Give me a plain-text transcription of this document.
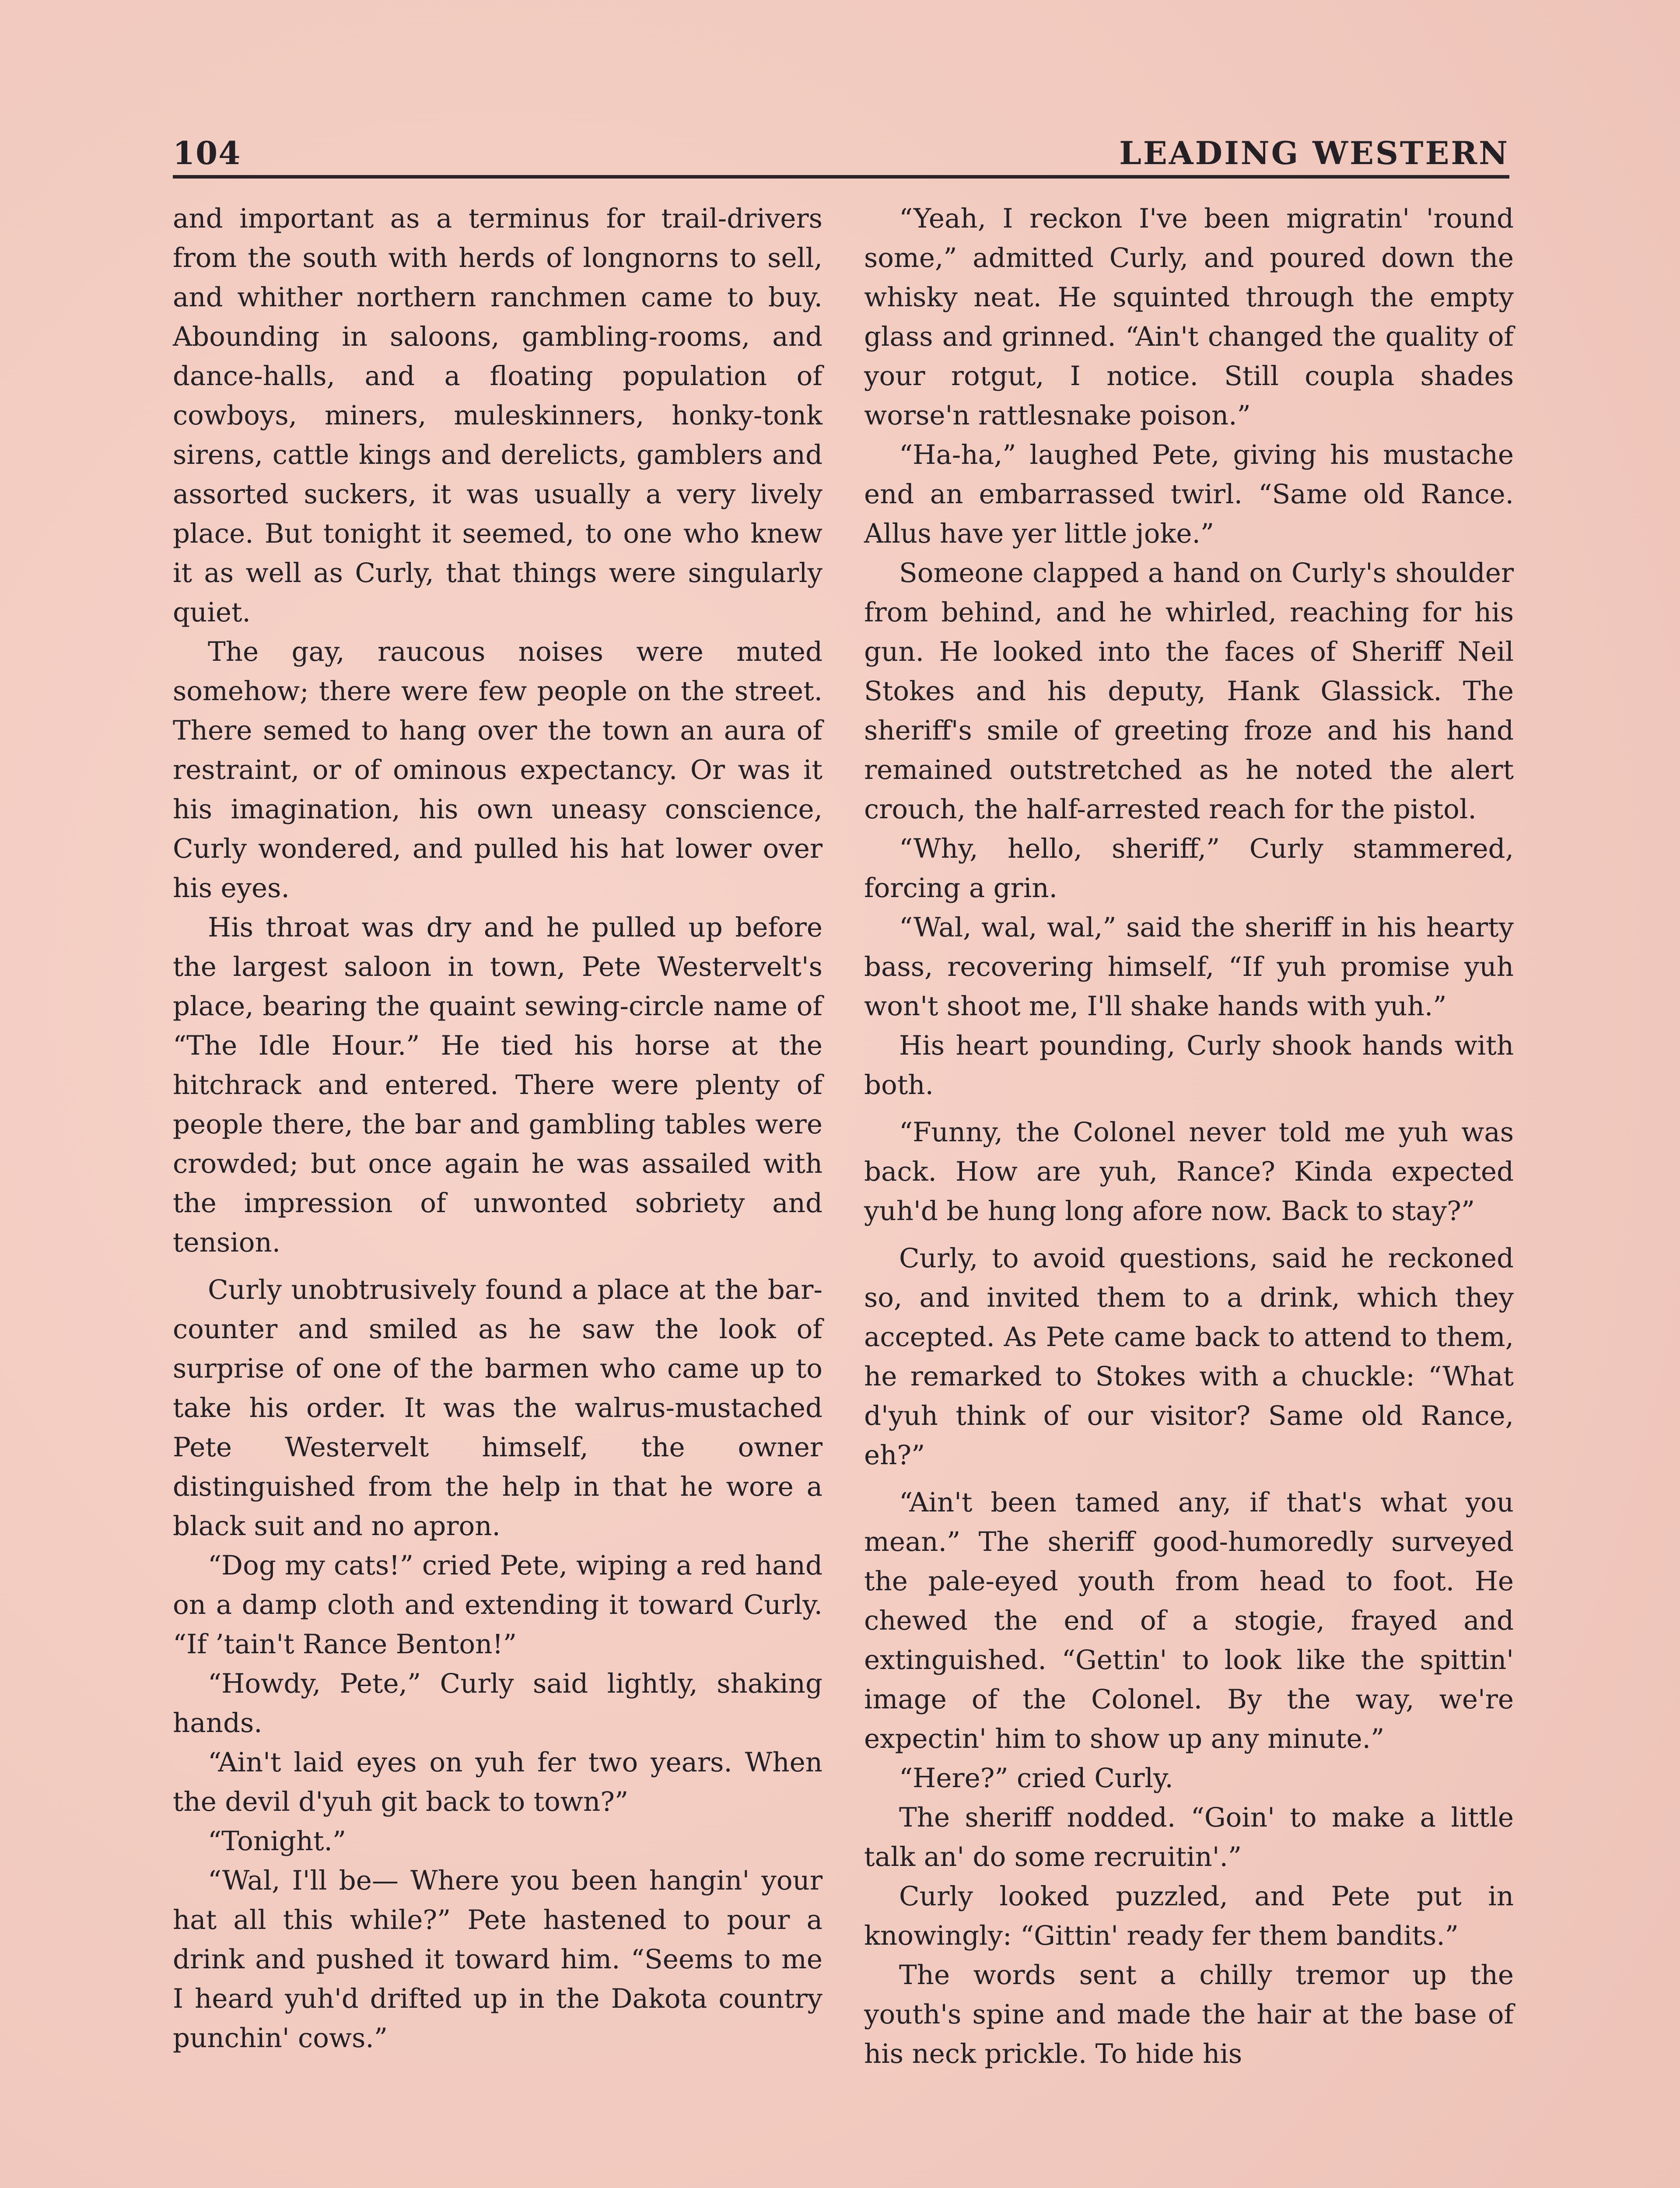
104	LEADING WESTERN

and important as a terminus for trail-drivers from the south with herds of longnorns to sell, and whither northern ranchmen came to buy. Abounding in saloons, gambling-rooms, and dance-halls, and a floating population of cowboys, miners, muleskinners, honky-tonk sirens, cattle kings and derelicts, gamblers and assorted suckers, it was usually a very lively place. But tonight it seemed, to one who knew it as well as Curly, that things were singularly quiet.

The gay, raucous noises were muted somehow; there were few people on the street. There semed to hang over the town an aura of restraint, or of ominous expectancy. Or was it his imagination, his own uneasy conscience, Curly wondered, and pulled his hat lower over his eyes.

His throat was dry and he pulled up before the largest saloon in town, Pete Westervelt's place, bearing the quaint sewing-circle name of “The Idle Hour.” He tied his horse at the hitchrack and entered. There were plenty of people there, the bar and gambling tables were crowded; but once again he was assailed with the impression of unwonted sobriety and tension.

Curly unobtrusively found a place at the bar-counter and smiled as he saw the look of surprise of one of the barmen who came up to take his order. It was the walrus-mustached Pete Westervelt himself, the owner distinguished from the help in that he wore a black suit and no apron.

“Dog my cats!” cried Pete, wiping a red hand on a damp cloth and extending it toward Curly. “If ’tain't Rance Benton!”

“Howdy, Pete,” Curly said lightly, shaking hands.

“Ain't laid eyes on yuh fer two years. When the devil d'yuh git back to town?”

“Tonight.”

“Wal, I'll be— Where you been hangin' your hat all this while?” Pete hastened to pour a drink and pushed it toward him. “Seems to me I heard yuh'd drifted up in the Dakota country punchin' cows.”

“Yeah, I reckon I've been migratin' 'round some,” admitted Curly, and poured down the whisky neat. He squinted through the empty glass and grinned. “Ain't changed the quality of your rotgut, I notice. Still coupla shades worse'n rattlesnake poison.”

“Ha-ha,” laughed Pete, giving his mustache end an embarrassed twirl. “Same old Rance. Allus have yer little joke.”

Someone clapped a hand on Curly's shoulder from behind, and he whirled, reaching for his gun. He looked into the faces of Sheriff Neil Stokes and his deputy, Hank Glassick. The sheriff's smile of greeting froze and his hand remained outstretched as he noted the alert crouch, the half-arrested reach for the pistol.

“Why, hello, sheriff,” Curly stammered, forcing a grin.

“Wal, wal, wal,” said the sheriff in his hearty bass, recovering himself, “If yuh promise yuh won't shoot me, I'll shake hands with yuh.”

His heart pounding, Curly shook hands with both.

“Funny, the Colonel never told me yuh was back. How are yuh, Rance? Kinda expected yuh'd be hung long afore now. Back to stay?”

Curly, to avoid questions, said he reckoned so, and invited them to a drink, which they accepted. As Pete came back to attend to them, he remarked to Stokes with a chuckle: “What d'yuh think of our visitor? Same old Rance, eh?”

“Ain't been tamed any, if that's what you mean.” The sheriff good-humoredly surveyed the pale-eyed youth from head to foot. He chewed the end of a stogie, frayed and extinguished. “Gettin' to look like the spittin' image of the Colonel. By the way, we're expectin' him to show up any minute.”

“Here?” cried Curly.

The sheriff nodded. “Goin' to make a little talk an' do some recruitin'.”

Curly looked puzzled, and Pete put in knowingly: “Gittin' ready fer them bandits.”

The words sent a chilly tremor up the youth's spine and made the hair at the base of his neck prickle. To hide his
